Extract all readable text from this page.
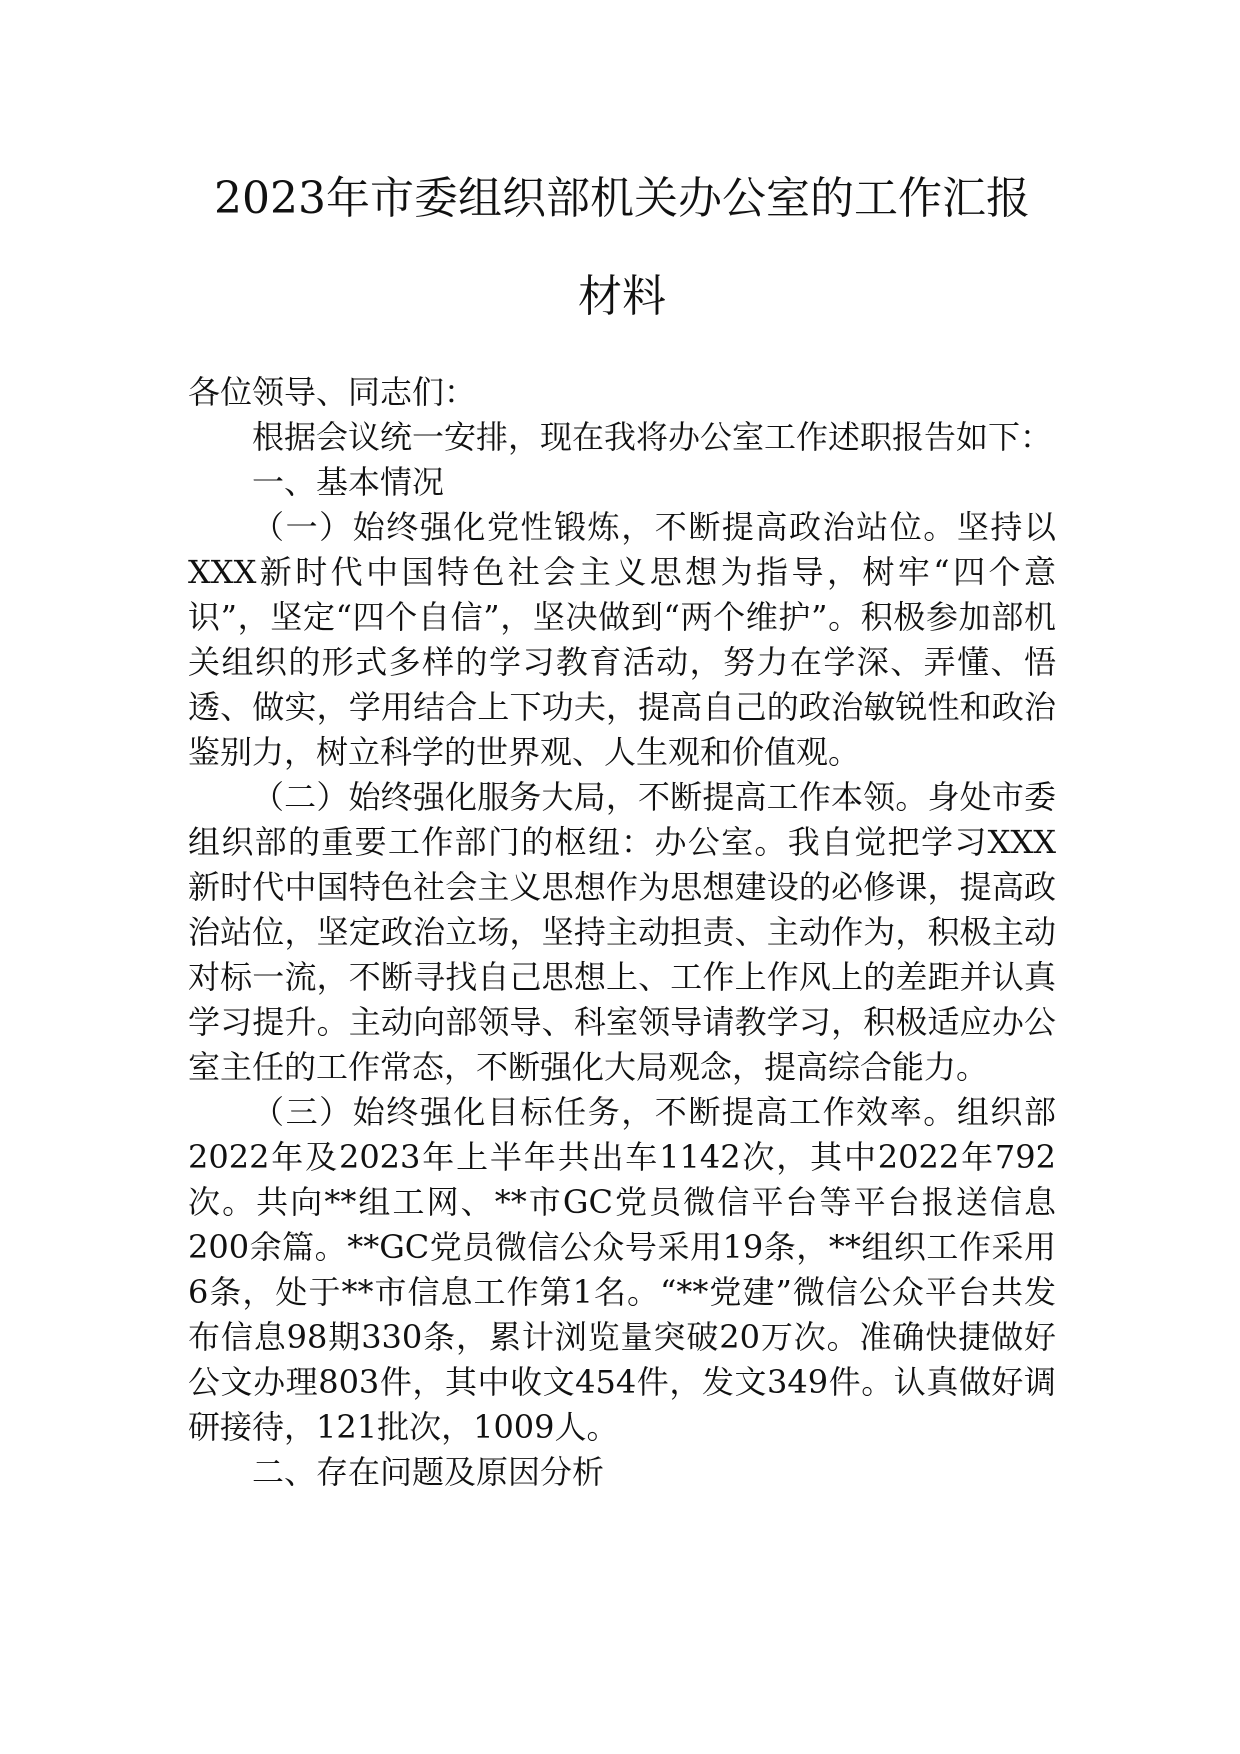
2023年市委组织部机关办公室的工作汇报
材料

各位领导、同志们：

根据会议统一安排，现在我将办公室工作述职报告如下：

一、基本情况

（一）始终强化党性锻炼，不断提高政治站位。坚持以XXX新时代中国特色社会主义思想为指导，树牢“四个意识”，坚定“四个自信”，坚决做到“两个维护”。积极参加部机关组织的形式多样的学习教育活动，努力在学深、弄懂、悟透、做实，学用结合上下功夫，提高自己的政治敏锐性和政治鉴别力，树立科学的世界观、人生观和价值观。

（二）始终强化服务大局，不断提高工作本领。身处市委组织部的重要工作部门的枢纽：办公室。我自觉把学习XXX新时代中国特色社会主义思想作为思想建设的必修课，提高政治站位，坚定政治立场，坚持主动担责、主动作为，积极主动对标一流，不断寻找自己思想上、工作上作风上的差距并认真学习提升。主动向部领导、科室领导请教学习，积极适应办公室主任的工作常态，不断强化大局观念，提高综合能力。

（三）始终强化目标任务，不断提高工作效率。组织部2022年及2023年上半年共出车1142次，其中2022年792次。共向**组工网、**市GC党员微信平台等平台报送信息200余篇。**GC党员微信公众号采用19条，**组织工作采用6条，处于**市信息工作第1名。“**党建”微信公众平台共发布信息98期330条，累计浏览量突破20万次。准确快捷做好公文办理803件，其中收文454件，发文349件。认真做好调研接待，121批次，1009人。

二、存在问题及原因分析
